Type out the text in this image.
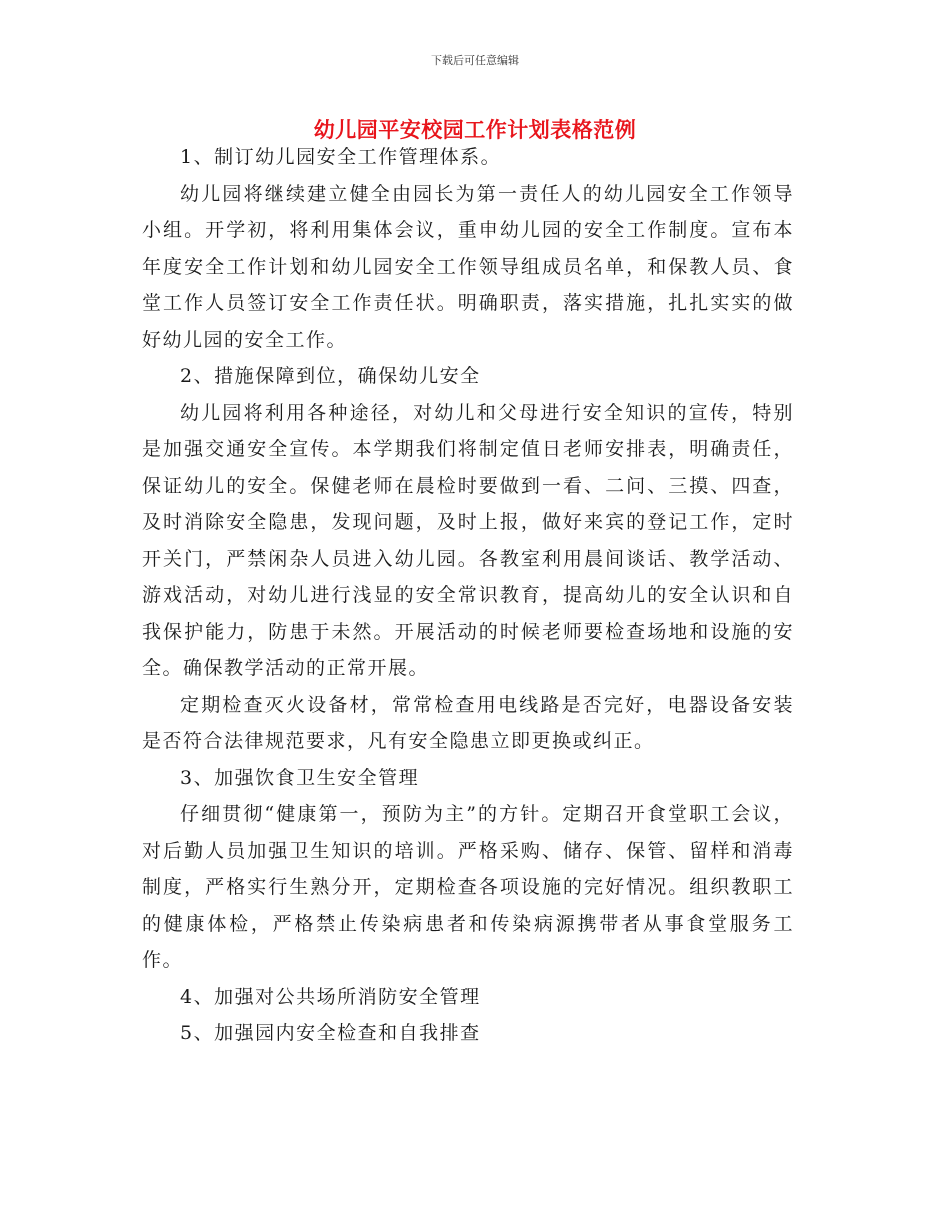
下载后可任意编辑
幼儿园平安校园工作计划表格范例

1、制订幼儿园安全工作管理体系。

幼儿园将继续建立健全由园长为第一责任人的幼儿园安全工作领导小组。开学初，将利用集体会议，重申幼儿园的安全工作制度。宣布本年度安全工作计划和幼儿园安全工作领导组成员名单，和保教人员、食堂工作人员签订安全工作责任状。明确职责，落实措施，扎扎实实的做好幼儿园的安全工作。

2、措施保障到位，确保幼儿安全

幼儿园将利用各种途径，对幼儿和父母进行安全知识的宣传，特别是加强交通安全宣传。本学期我们将制定值日老师安排表，明确责任，保证幼儿的安全。保健老师在晨检时要做到一看、二问、三摸、四查，及时消除安全隐患，发现问题，及时上报，做好来宾的登记工作，定时开关门，严禁闲杂人员进入幼儿园。各教室利用晨间谈话、教学活动、游戏活动，对幼儿进行浅显的安全常识教育，提高幼儿的安全认识和自我保护能力，防患于未然。开展活动的时候老师要检查场地和设施的安全。确保教学活动的正常开展。

定期检查灭火设备材，常常检查用电线路是否完好，电器设备安装是否符合法律规范要求，凡有安全隐患立即更换或纠正。

3、加强饮食卫生安全管理

仔细贯彻“健康第一，预防为主”的方针。定期召开食堂职工会议，对后勤人员加强卫生知识的培训。严格采购、储存、保管、留样和消毒制度，严格实行生熟分开，定期检查各项设施的完好情况。组织教职工的健康体检，严格禁止传染病患者和传染病源携带者从事食堂服务工作。

4、加强对公共场所消防安全管理

5、加强园内安全检查和自我排查
